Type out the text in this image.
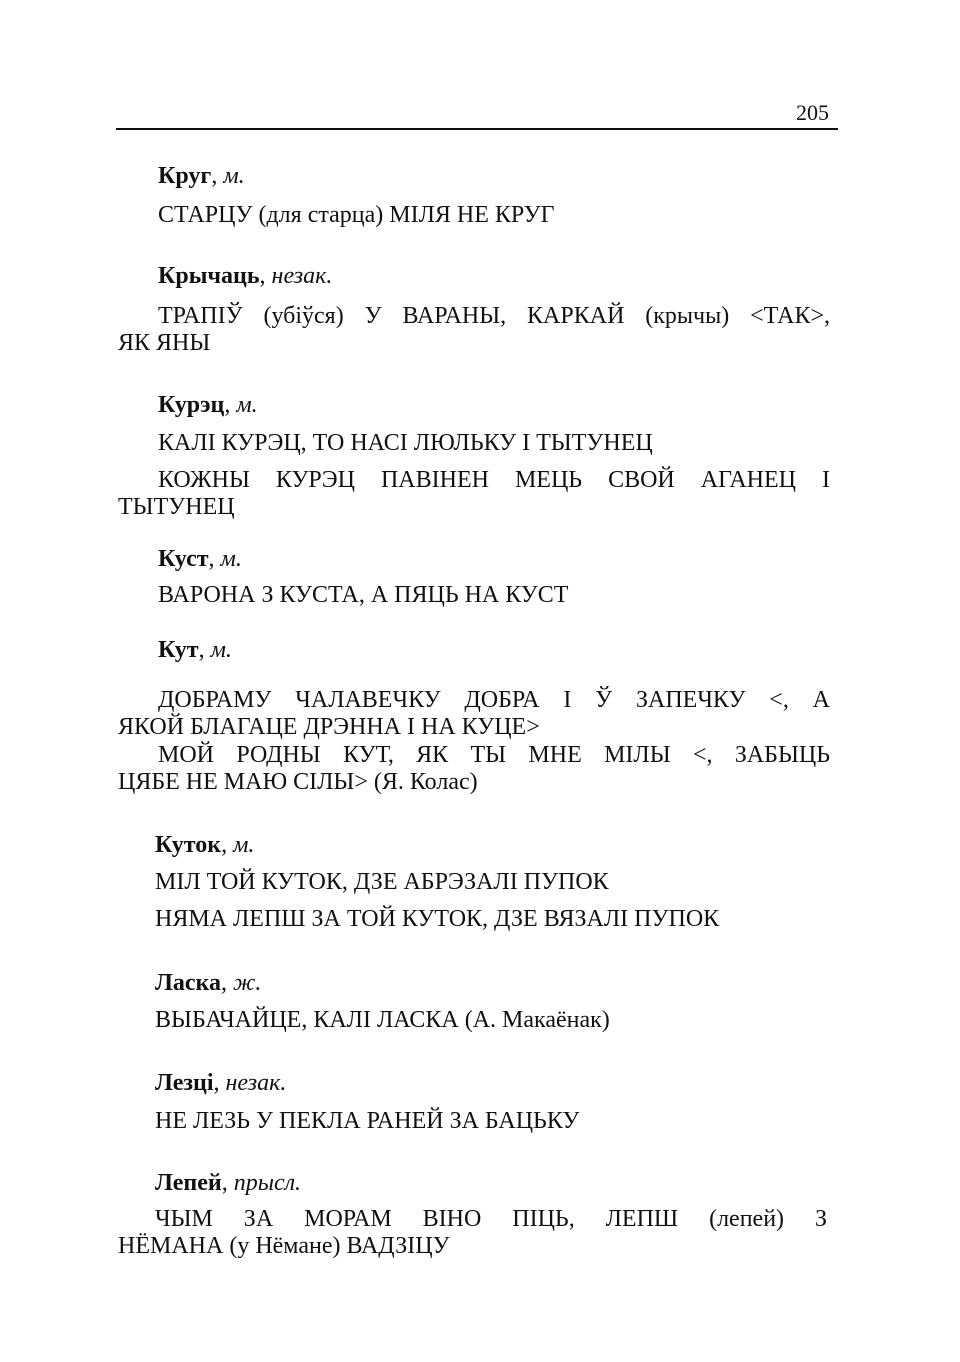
205
Круг, м.
СТАРЦУ (для старца) МІЛЯ НЕ КРУГ
Крычаць, незак.
ТРАПІЎ (убіўся) У ВАРАНЫ, КАРКАЙ (крычы) <ТАК>,
ЯК ЯНЫ
Курэц, м.
КАЛІ КУРЭЦ, ТО НАСІ ЛЮЛЬКУ І ТЫТУНЕЦ
КОЖНЫ КУРЭЦ ПАВІНЕН МЕЦЬ СВОЙ АГАНЕЦ І
ТЫТУНЕЦ
Куст, м.
ВАРОНА З КУСТА, А ПЯЦЬ НА КУСТ
Кут, м.
ДОБРАМУ ЧАЛАВЕЧКУ ДОБРА І Ў ЗАПЕЧКУ <, А
ЯКОЙ БЛАГАЦЕ ДРЭННА І НА КУЦЕ>
МОЙ РОДНЫ КУТ, ЯК ТЫ МНЕ МІЛЫ <, ЗАБЫЦЬ
ЦЯБЕ НЕ МАЮ СІЛЫ> (Я. Колас)
Куток, м.
МІЛ ТОЙ КУТОК, ДЗЕ АБРЭЗАЛІ ПУПОК
НЯМА ЛЕПШ ЗА ТОЙ КУТОК, ДЗЕ ВЯЗАЛІ ПУПОК
Ласка, ж.
ВЫБАЧАЙЦЕ, КАЛІ ЛАСКА (А. Макаёнак)
Лезці, незак.
НЕ ЛЕЗЬ У ПЕКЛА РАНЕЙ ЗА БАЦЬКУ
Лепей, прысл.
ЧЫМ ЗА МОРАМ ВІНО ПІЦЬ, ЛЕПШ (лепей) З
НЁМАНА (у Нёмане) ВАДЗІЦУ
